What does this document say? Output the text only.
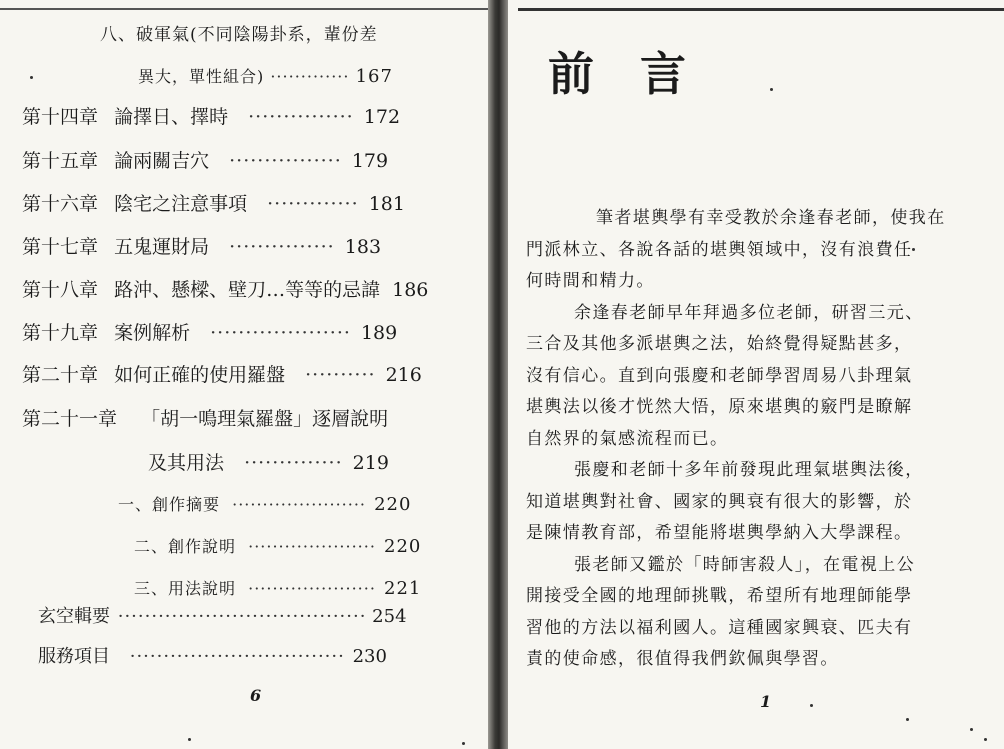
八、破軍氣(不同陰陽卦系，輩份差
異大，單性組合) ············· 167
第十四章 論擇日、擇時 ··············· 172
第十五章 論兩關吉穴 ················ 179
第十六章 陰宅之注意事項 ············· 181
第十七章 五鬼運財局 ··············· 183
第十八章 路沖、懸樑、壁刀…等等的忌諱 186
第十九章 案例解析 ···················· 189
第二十章 如何正確的使用羅盤 ·········· 216
第二十一章 「胡一鳴理氣羅盤」逐層說明
及其用法 ·············· 219
一、創作摘要 ······················ 220
二、創作說明 ····················· 220
三、用法說明 ····················· 221
玄空輯要 ····································· 254
服務項目 ································ 230
6
前言
筆者堪輿學有幸受教於余逢春老師，使我在
門派林立、各說各話的堪輿領域中，沒有浪費任
何時間和精力。
余逢春老師早年拜過多位老師，研習三元、
三合及其他多派堪輿之法，始終覺得疑點甚多，
沒有信心。直到向張慶和老師學習周易八卦理氣
堪輿法以後才恍然大悟，原來堪輿的竅門是瞭解
自然界的氣感流程而已。
張慶和老師十多年前發現此理氣堪輿法後，
知道堪輿對社會、國家的興衰有很大的影響，於
是陳情教育部，希望能將堪輿學納入大學課程。
張老師又鑑於「時師害殺人」，在電視上公
開接受全國的地理師挑戰，希望所有地理師能學
習他的方法以福利國人。這種國家興衰、匹夫有
責的使命感，很值得我們欽佩與學習。
1
